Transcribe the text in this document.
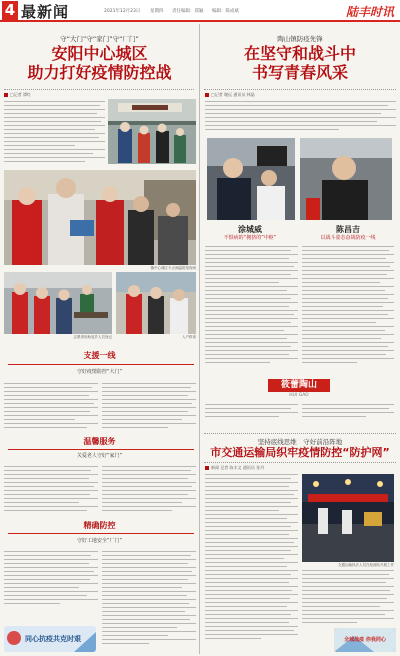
4 最新闻	2021年12月23日 星期四 责任编辑：郑颖 编辑：陈成斌	陆丰时讯
守“大门”守“家门”守“厂门”
安阳中心城区
助力打好疫情防控战
□记者 谭红
镇中心城区卡点测温防疫现场
志愿者协助返乡人员登记	入户排查
支援一线
守好疫情防控“大门”
温馨服务
关爱老人守好“家门”
精确防控
守好工地安全“厂门”
同心抗疫共克时艰
陶山镇防疫先锋
在坚守和战斗中
书写青春风采
□记者 谢远 通讯员 林晶
涂城威
不惧病的“拥挤的”中枢”
陈昌吉
以战斗姿态奋战防疫一线
筱蕾陶山
HUI GAO
坚持底线思维　守好前沿阵地
市交通运输局织牢疫情防控“防护网”
新闻 记者 陈丰文 通讯员 张丹
交通运输执法人员在检测站开展工作
全城战疫 你我同心
